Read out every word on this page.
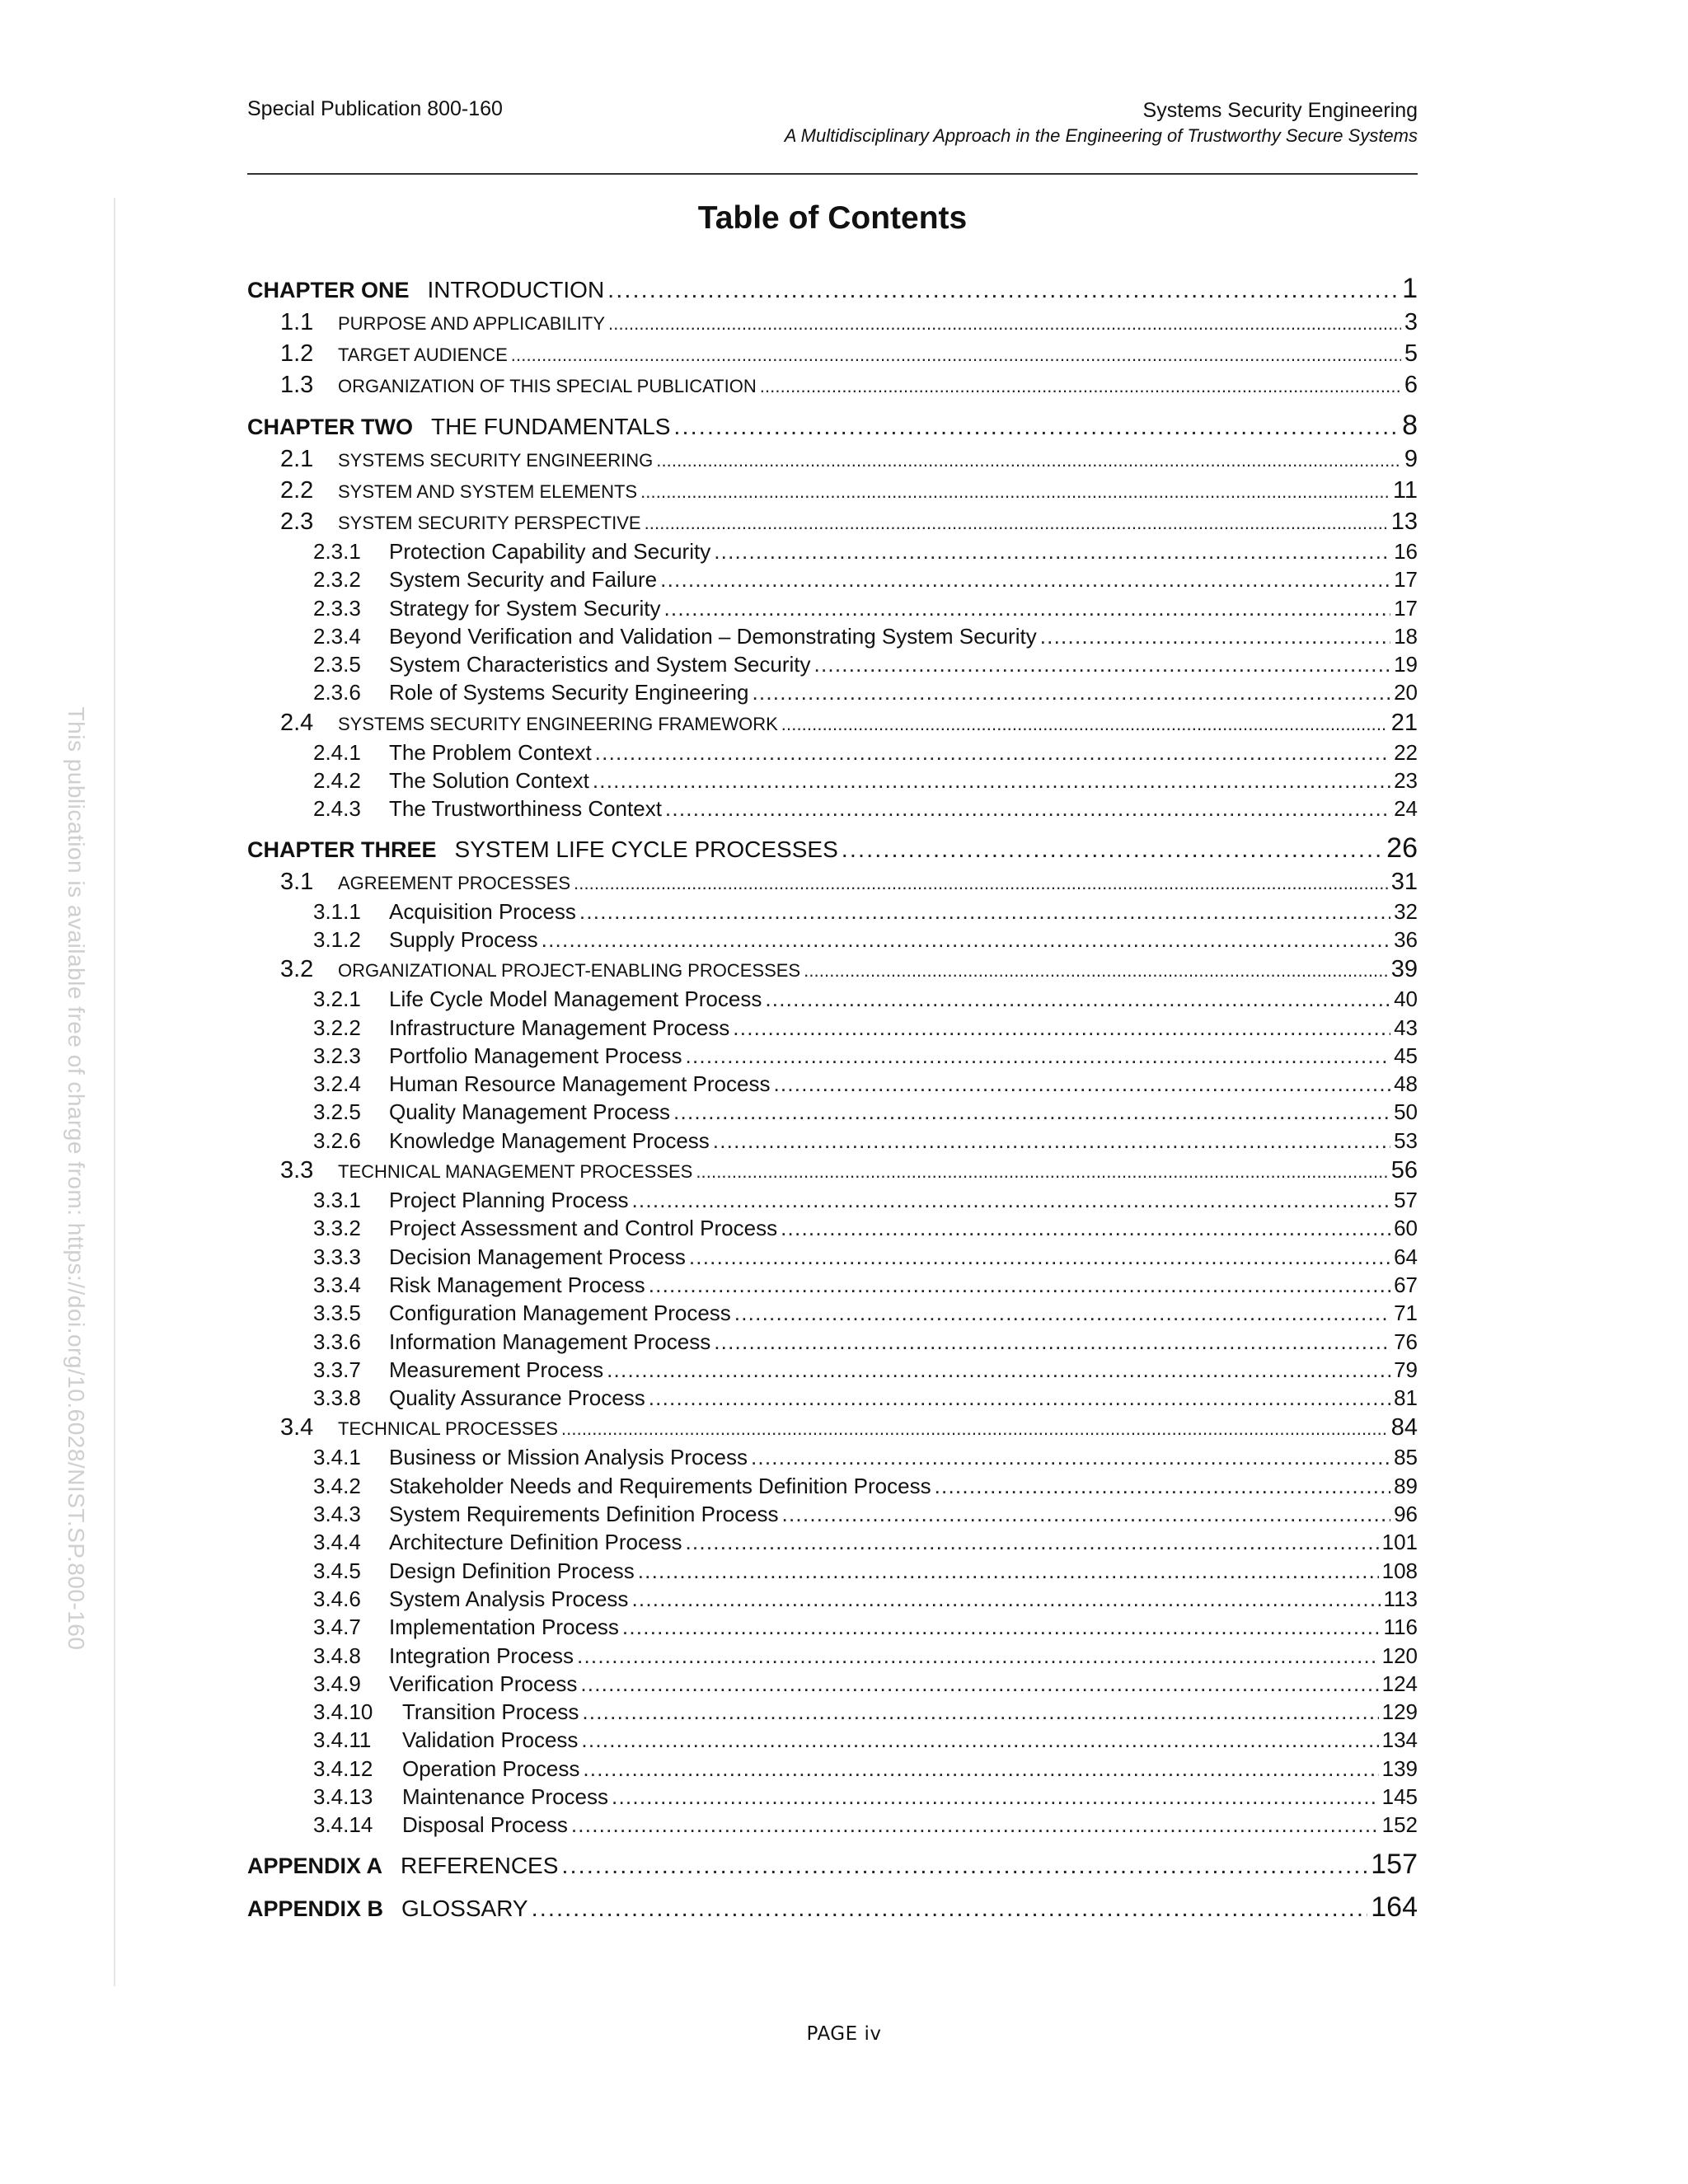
Special Publication 800-160	Systems Security Engineering
A Multidisciplinary Approach in the Engineering of Trustworthy Secure Systems
This publication is available free of charge from: https://doi.org/10.6028/NIST.SP.800-160
Table of Contents
CHAPTER ONE INTRODUCTION . . .	1
1.1 PURPOSE AND APPLICABILITY . . .	3
1.2 TARGET AUDIENCE . . .	5
1.3 ORGANIZATION OF THIS SPECIAL PUBLICATION . . .	6
CHAPTER TWO THE FUNDAMENTALS . . .	8
2.1 SYSTEMS SECURITY ENGINEERING . . .	9
2.2 SYSTEM AND SYSTEM ELEMENTS . . .	11
2.3 SYSTEM SECURITY PERSPECTIVE . . .	13
2.3.1 Protection Capability and Security . . .	16
2.3.2 System Security and Failure . . .	17
2.3.3 Strategy for System Security . . .	17
2.3.4 Beyond Verification and Validation – Demonstrating System Security . . .	18
2.3.5 System Characteristics and System Security . . .	19
2.3.6 Role of Systems Security Engineering . . .	20
2.4 SYSTEMS SECURITY ENGINEERING FRAMEWORK . . .	21
2.4.1 The Problem Context . . .	22
2.4.2 The Solution Context . . .	23
2.4.3 The Trustworthiness Context . . .	24
CHAPTER THREE SYSTEM LIFE CYCLE PROCESSES . . .	26
3.1 AGREEMENT PROCESSES . . .	31
3.1.1 Acquisition Process . . .	32
3.1.2 Supply Process . . .	36
3.2 ORGANIZATIONAL PROJECT-ENABLING PROCESSES . . .	39
3.2.1 Life Cycle Model Management Process . . .	40
3.2.2 Infrastructure Management Process . . .	43
3.2.3 Portfolio Management Process . . .	45
3.2.4 Human Resource Management Process . . .	48
3.2.5 Quality Management Process . . .	50
3.2.6 Knowledge Management Process . . .	53
3.3 TECHNICAL MANAGEMENT PROCESSES . . .	56
3.3.1 Project Planning Process . . .	57
3.3.2 Project Assessment and Control Process . . .	60
3.3.3 Decision Management Process . . .	64
3.3.4 Risk Management Process . . .	67
3.3.5 Configuration Management Process . . .	71
3.3.6 Information Management Process . . .	76
3.3.7 Measurement Process . . .	79
3.3.8 Quality Assurance Process . . .	81
3.4 TECHNICAL PROCESSES . . .	84
3.4.1 Business or Mission Analysis Process . . .	85
3.4.2 Stakeholder Needs and Requirements Definition Process . . .	89
3.4.3 System Requirements Definition Process . . .	96
3.4.4 Architecture Definition Process . . .	101
3.4.5 Design Definition Process . . .	108
3.4.6 System Analysis Process . . .	113
3.4.7 Implementation Process . . .	116
3.4.8 Integration Process . . .	120
3.4.9 Verification Process . . .	124
3.4.10 Transition Process . . .	129
3.4.11 Validation Process . . .	134
3.4.12 Operation Process . . .	139
3.4.13 Maintenance Process . . .	145
3.4.14 Disposal Process . . .	152
APPENDIX A REFERENCES . . .	157
APPENDIX B GLOSSARY . . .	164
PAGE iv
